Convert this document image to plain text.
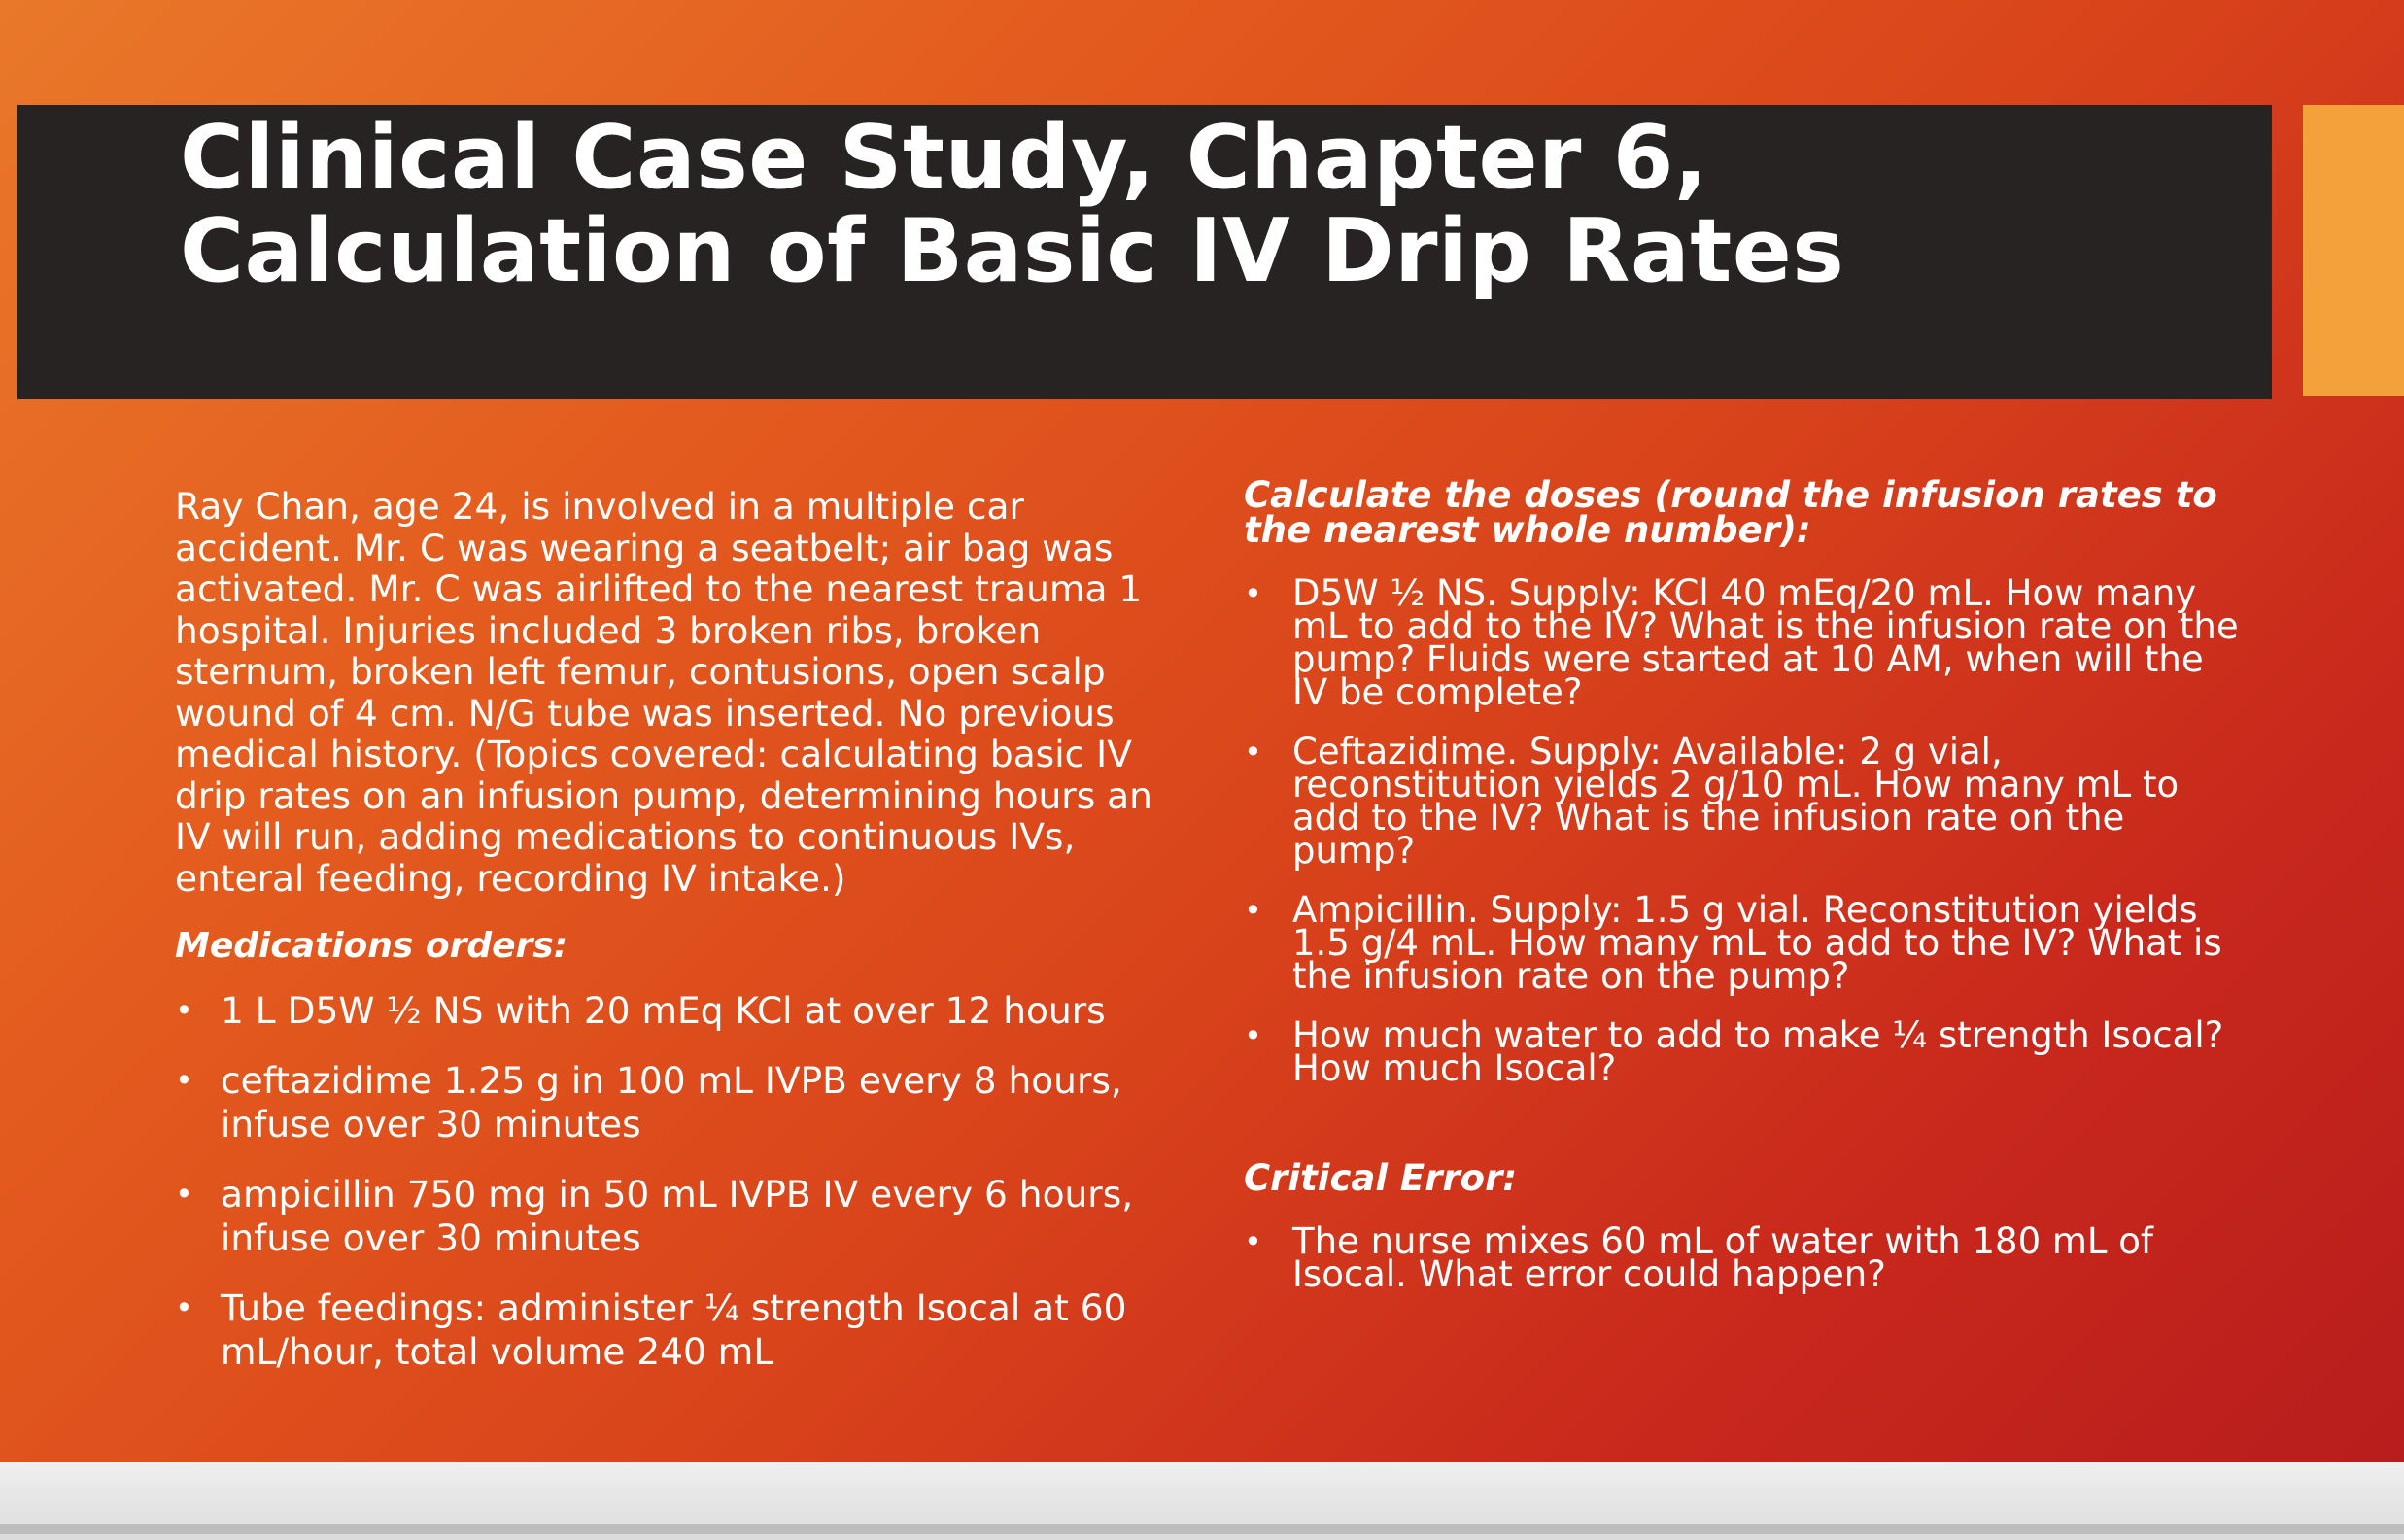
Clinical Case Study, Chapter 6,
Calculation of Basic IV Drip Rates

Ray Chan, age 24, is involved in a multiple car accident. Mr. C was wearing a seatbelt; air bag was activated. Mr. C was airlifted to the nearest trauma 1 hospital. Injuries included 3 broken ribs, broken sternum, broken left femur, contusions, open scalp wound of 4 cm. N/G tube was inserted. No previous medical history. (Topics covered: calculating basic IV drip rates on an infusion pump, determining hours an IV will run, adding medications to continuous IVs, enteral feeding, recording IV intake.)

Medications orders:

• 1 L D5W ½ NS with 20 mEq KCl at over 12 hours
• ceftazidime 1.25 g in 100 mL IVPB every 8 hours, infuse over 30 minutes
• ampicillin 750 mg in 50 mL IVPB IV every 6 hours, infuse over 30 minutes
• Tube feedings: administer ¼ strength Isocal at 60 mL/hour, total volume 240 mL

Calculate the doses (round the infusion rates to the nearest whole number):

• D5W ½ NS. Supply: KCl 40 mEq/20 mL. How many mL to add to the IV? What is the infusion rate on the pump? Fluids were started at 10 AM, when will the IV be complete?
• Ceftazidime. Supply: Available: 2 g vial, reconstitution yields 2 g/10 mL. How many mL to add to the IV? What is the infusion rate on the pump?
• Ampicillin. Supply: 1.5 g vial. Reconstitution yields 1.5 g/4 mL. How many mL to add to the IV? What is the infusion rate on the pump?
• How much water to add to make ¼ strength Isocal? How much Isocal?

Critical Error:

• The nurse mixes 60 mL of water with 180 mL of Isocal. What error could happen?
